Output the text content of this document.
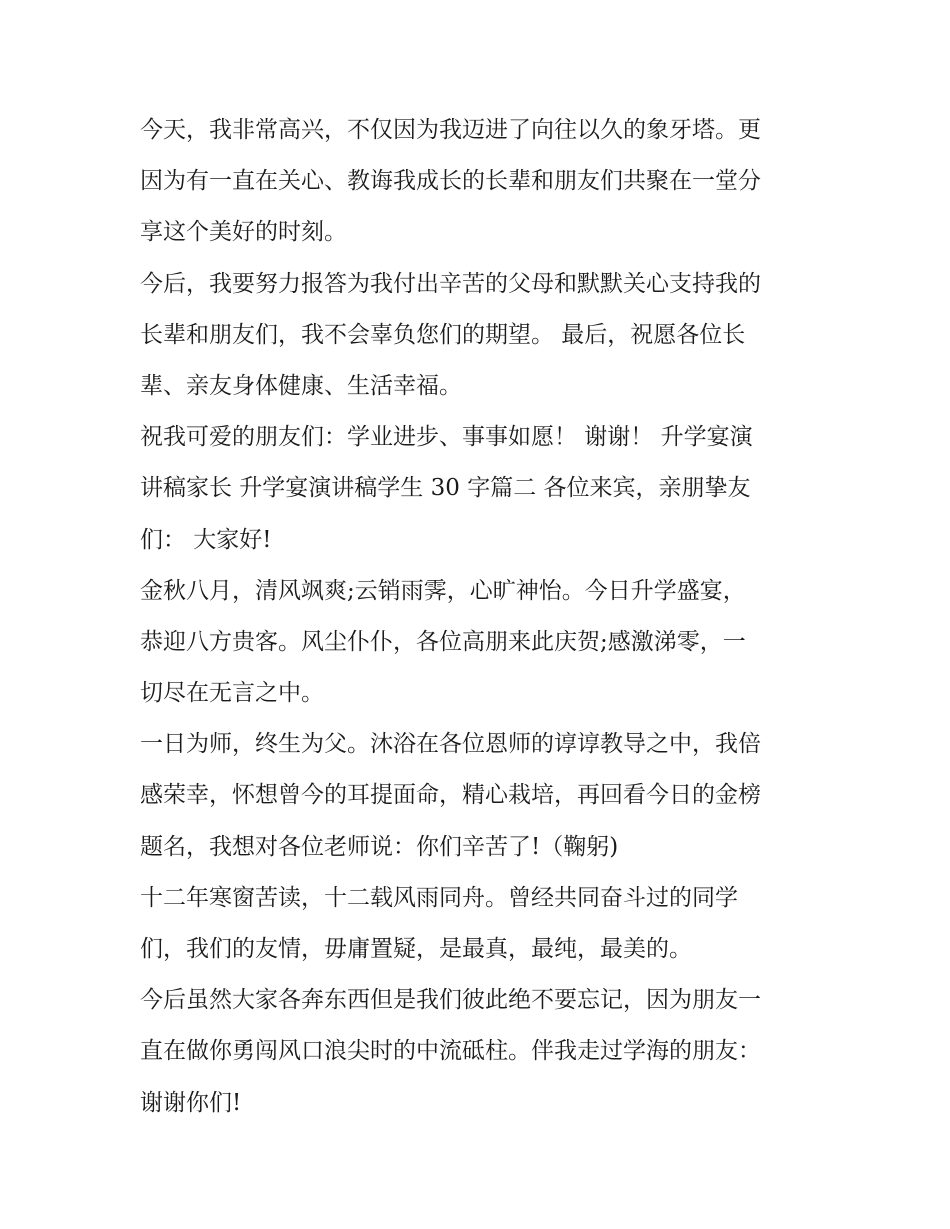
今天，我非常高兴，不仅因为我迈进了向往以久的象牙塔。更
因为有一直在关心、教诲我成长的长辈和朋友们共聚在一堂分
享这个美好的时刻。
今后，我要努力报答为我付出辛苦的父母和默默关心支持我的
长辈和朋友们，我不会辜负您们的期望。 最后，祝愿各位长
辈、亲友身体健康、生活幸福。
祝我可爱的朋友们：学业进步、事事如愿！ 谢谢！ 升学宴演
讲稿家长 升学宴演讲稿学生 30 字篇二 各位来宾，亲朋挚友
们： 大家好!
金秋八月，清风飒爽;云销雨霁，心旷神怡。今日升学盛宴，
恭迎八方贵客。风尘仆仆，各位高朋来此庆贺;感激涕零，一
切尽在无言之中。
一日为师，终生为父。沐浴在各位恩师的谆谆教导之中，我倍
感荣幸，怀想曾今的耳提面命，精心栽培，再回看今日的金榜
题名，我想对各位老师说：你们辛苦了!（鞠躬)
十二年寒窗苦读，十二载风雨同舟。曾经共同奋斗过的同学
们，我们的友情，毋庸置疑，是最真，最纯，最美的。
今后虽然大家各奔东西但是我们彼此绝不要忘记，因为朋友一
直在做你勇闯风口浪尖时的中流砥柱。伴我走过学海的朋友：
谢谢你们!
